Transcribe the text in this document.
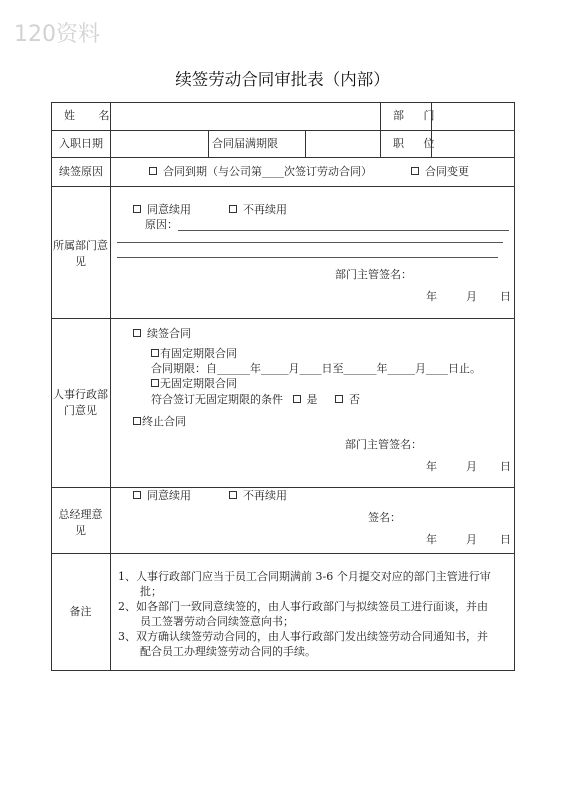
120资料
续签劳动合同审批表（内部）
姓 名	部 门
入职日期	合同届满期限	职 位
续签原因	合同到期（与公司第____次签订劳动合同）	合同变更
所属部门意见
同意续用	不再续用
原因：
部门主管签名：
年	月 日
人事行政部门意见
续签合同
有固定期限合同
合同期限：自______年_____月____日至______年_____月____日止。
无固定期限合同
符合签订无固定期限的条件 是	否
终止合同
部门主管签名：
年	月 日
总经理意见
同意续用	不再续用
签名：
年	月 日
备注
1、人事行政部门应当于员工合同期满前 3-6 个月提交对应的部门主管进行审
批；
2、如各部门一致同意续签的，由人事行政部门与拟续签员工进行面谈，并由
员工签署劳动合同续签意向书；
3、双方确认续签劳动合同的，由人事行政部门发出续签劳动合同通知书，并
配合员工办理续签劳动合同的手续。
